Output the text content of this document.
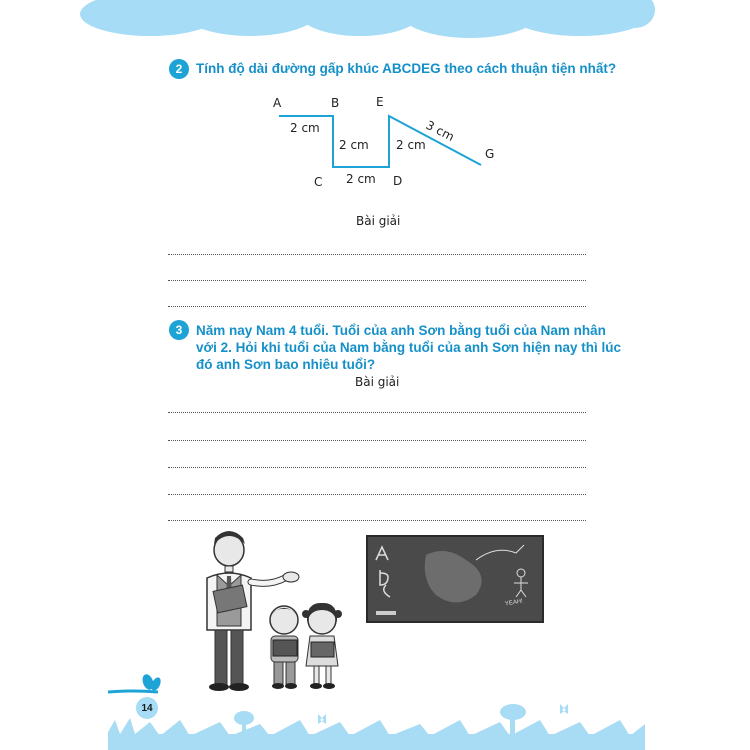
2	Tính độ dài đường gấp khúc ABCDEG theo cách thuận tiện nhất?
A	B	E
C	D
G
2 cm
2 cm
2 cm
2 cm
3 cm
Bài giải
3	Năm nay Nam 4 tuổi. Tuổi của anh Sơn bằng tuổi của Nam nhân
với 2. Hỏi khi tuổi của Nam bằng tuổi của anh Sơn hiện nay thì lúc
đó anh Sơn bao nhiêu tuổi?
Bài giải
YEAH!
14
